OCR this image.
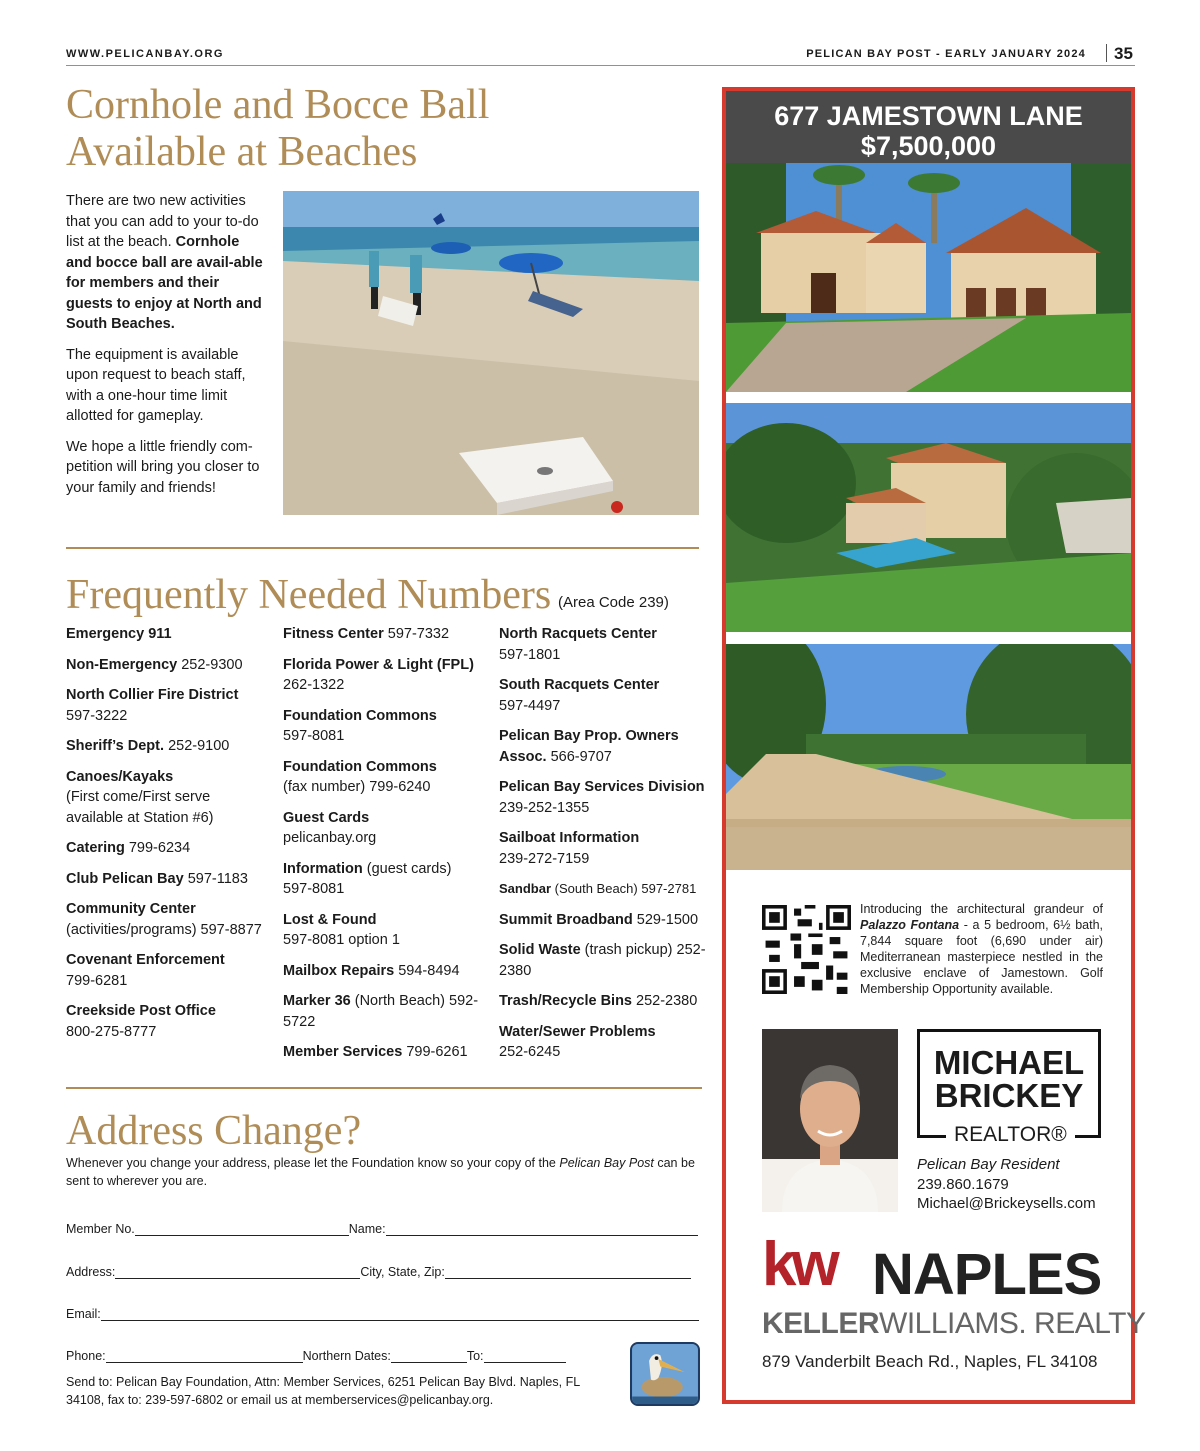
WWW.PELICANBAY.ORG	PELICAN BAY POST - EARLY JANUARY 2024 35
Cornhole and Bocce Ball
Available at Beaches

There are two new activities that you can add to your to-do list at the beach. Cornhole and bocce ball are avail-able for members and their guests to enjoy at North and South Beaches.

The equipment is available upon request to beach staff, with a one-hour time limit allotted for gameplay.

We hope a little friendly com-petition will bring you closer to your family and friends!

Frequently Needed Numbers (Area Code 239)
Emergency 911
Non-Emergency 252-9300
North Collier Fire District
597-3222
Sheriff’s Dept. 252-9100
Canoes/Kayaks
(First come/First serve available at Station #6)
Catering 799-6234
Club Pelican Bay 597-1183
Community Center
(activities/programs) 597-8877
Covenant Enforcement
799-6281
Creekside Post Office
800-275-8777
Fitness Center 597-7332
Florida Power & Light (FPL)
262-1322
Foundation Commons
597-8081
Foundation Commons
(fax number) 799-6240
Guest Cards
pelicanbay.org
Information (guest cards) 597-8081
Lost & Found
597-8081 option 1
Mailbox Repairs 594-8494
Marker 36 (North Beach) 592-5722
Member Services 799-6261
North Racquets Center
597-1801
South Racquets Center
597-4497
Pelican Bay Prop. Owners Assoc. 566-9707
Pelican Bay Services Division
239-252-1355
Sailboat Information
239-272-7159
Sandbar (South Beach) 597-2781
Summit Broadband 529-1500
Solid Waste (trash pickup) 252-2380
Trash/Recycle Bins 252-2380
Water/Sewer Problems
252-6245
Address Change?
Whenever you change your address, please let the Foundation know so your copy of the Pelican Bay Post can be sent to wherever you are.
Member No.	Name:
Address:	City, State, Zip:
Email:
Phone:	Northern Dates:	To:
Send to: Pelican Bay Foundation, Attn: Member Services, 6251 Pelican Bay Blvd. Naples, FL 34108, fax to: 239-597-6802 or email us at memberservices@pelicanbay.org.
677 JAMESTOWN LANE
$7,500,000
Introducing the architectural grandeur of Palazzo Fontana - a 5 bedroom, 6½ bath, 7,844 square foot (6,690 under air) Mediterranean masterpiece nestled in the exclusive enclave of Jamestown. Golf Membership Opportunity available.
MICHAEL
BRICKEY
REALTOR®
Pelican Bay Resident
239.860.1679
Michael@Brickeysells.com
kw NAPLES
KELLERWILLIAMS. REALTY
879 Vanderbilt Beach Rd., Naples, FL 34108
